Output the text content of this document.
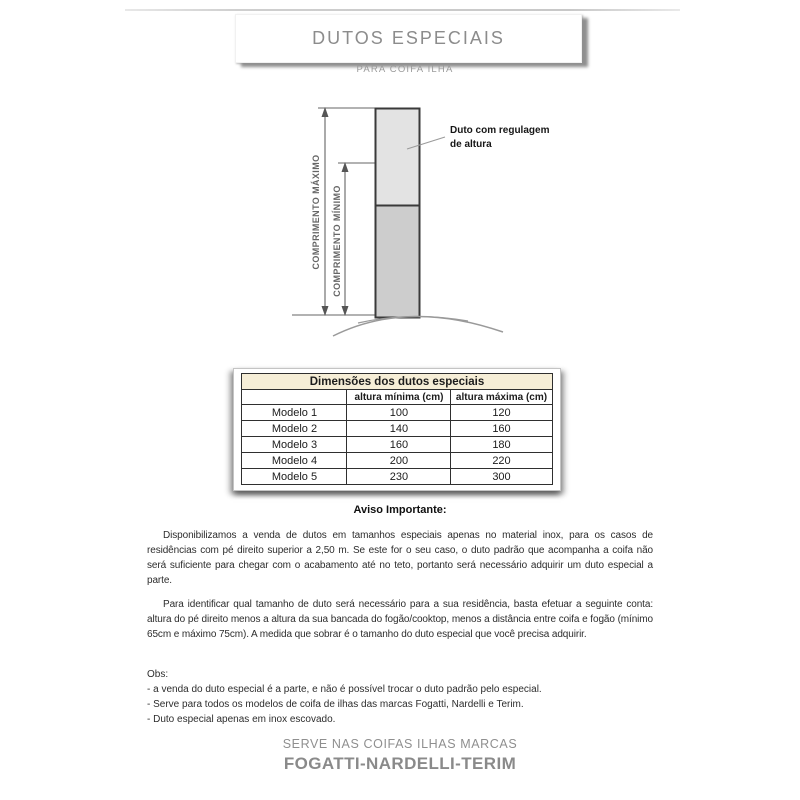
DUTOS ESPECIAIS
PARA COIFA ILHA
Duto com regulagem
de altura
COMPRIMENTO MÁXIMO COMPRIMENTO MÍNIMO
Dimensões dos dutos especiais		
	altura mínima (cm)	altura máxima (cm)
Modelo 1	100	120
Modelo 2	140	160
Modelo 3	160	180
Modelo 4	200	220
Modelo 5	230	300
Aviso Importante:

Disponibilizamos a venda de dutos em tamanhos especiais apenas no material inox, para os casos de residências com pé direito superior a 2,50 m. Se este for o seu caso, o duto padrão que acompanha a coifa não será suficiente para chegar com o acabamento até no teto, portanto será necessário adquirir um duto especial a parte.

Para identificar qual tamanho de duto será necessário para a sua residência, basta efetuar a seguinte conta: altura do pé direito menos a altura da sua bancada do fogão/cooktop, menos a distância entre coifa e fogão (mínimo 65cm e máximo 75cm). A medida que sobrar é o tamanho do duto especial que você precisa adquirir.

Obs:

- a venda do duto especial é a parte, e não é possível trocar o duto padrão pelo especial.

- Serve para todos os modelos de coifa de ilhas das marcas Fogatti, Nardelli e Terim.

- Duto especial apenas em inox escovado.

SERVE NAS COIFAS ILHAS MARCAS
FOGATTI-NARDELLI-TERIM
